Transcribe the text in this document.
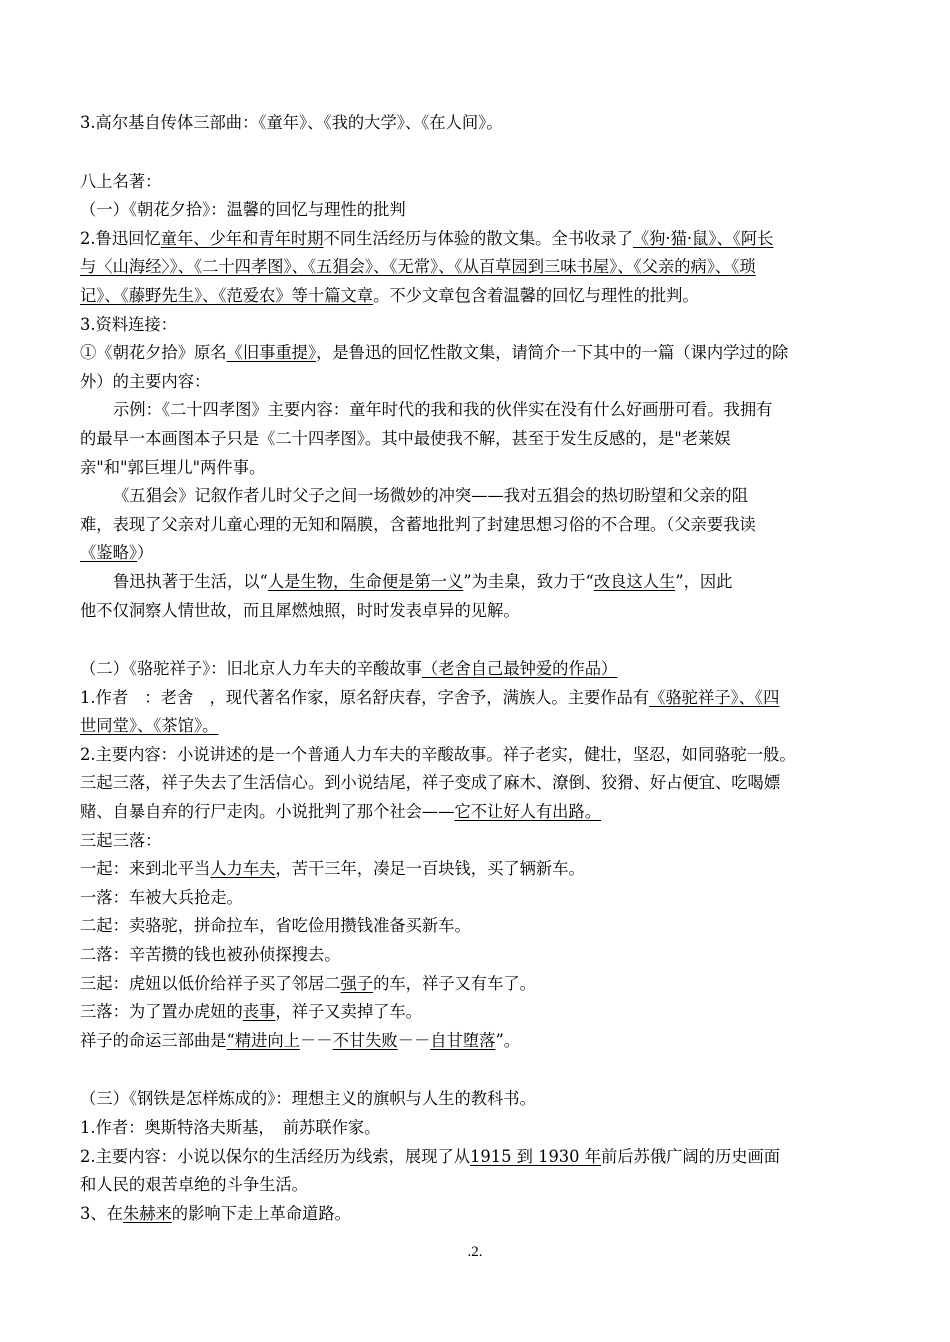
3.高尔基自传体三部曲：《童年》、《我的大学》、《在人间》。
八上名著：
（一）《朝花夕拾》：温馨的回忆与理性的批判
2.鲁迅回忆童年、少年和青年时期不同生活经历与体验的散文集。全书收录了《狗·猫·鼠》、《阿长
与〈山海经〉》、《二十四孝图》、《五猖会》、《无常》、《从百草园到三味书屋》、《父亲的病》、《琐
记》、《藤野先生》、《范爱农》等十篇文章。不少文章包含着温馨的回忆与理性的批判。
3.资料连接：
①《朝花夕拾》原名《旧事重提》，是鲁迅的回忆性散文集，请简介一下其中的一篇（课内学过的除
外）的主要内容：
示例：《二十四孝图》主要内容：童年时代的我和我的伙伴实在没有什么好画册可看。我拥有
的最早一本画图本子只是《二十四孝图》。其中最使我不解，甚至于发生反感的，是"老莱娱
亲"和"郭巨埋儿"两件事。
《五猖会》记叙作者儿时父子之间一场微妙的冲突——我对五猖会的热切盼望和父亲的阻
难，表现了父亲对儿童心理的无知和隔膜，含蓄地批判了封建思想习俗的不合理。（父亲要我读
《鉴略》）
鲁迅执著于生活，以“人是生物，生命便是第一义”为圭臬，致力于“改良这人生”，因此
他不仅洞察人情世故，而且犀燃烛照，时时发表卓异的见解。
（二）《骆驼祥子》：旧北京人力车夫的辛酸故事（老舍自己最钟爱的作品）
1.作者　：老舍　，现代著名作家，原名舒庆春，字舍予，满族人。主要作品有《骆驼祥子》、《四
世同堂》、《茶馆》。
2.主要内容：小说讲述的是一个普通人力车夫的辛酸故事。祥子老实，健壮，坚忍，如同骆驼一般。
三起三落，祥子失去了生活信心。到小说结尾，祥子变成了麻木、潦倒、狡猾、好占便宜、吃喝嫖
赌、自暴自弃的行尸走肉。小说批判了那个社会——它不让好人有出路。
三起三落：
一起：来到北平当人力车夫，苦干三年，凑足一百块钱，买了辆新车。
一落：车被大兵抢走。
二起：卖骆驼，拼命拉车，省吃俭用攒钱准备买新车。
二落：辛苦攒的钱也被孙侦探搜去。
三起：虎妞以低价给祥子买了邻居二强子的车，祥子又有车了。
三落：为了置办虎妞的丧事，祥子又卖掉了车。
祥子的命运三部曲是“精进向上－－不甘失败－－自甘堕落”。
（三）《钢铁是怎样炼成的》：理想主义的旗帜与人生的教科书。
1.作者：奥斯特洛夫斯基，　前苏联作家。
2.主要内容：小说以保尔的生活经历为线索，展现了从1915 到 1930 年前后苏俄广阔的历史画面
和人民的艰苦卓绝的斗争生活。
3、在朱赫来的影响下走上革命道路。
.2.
